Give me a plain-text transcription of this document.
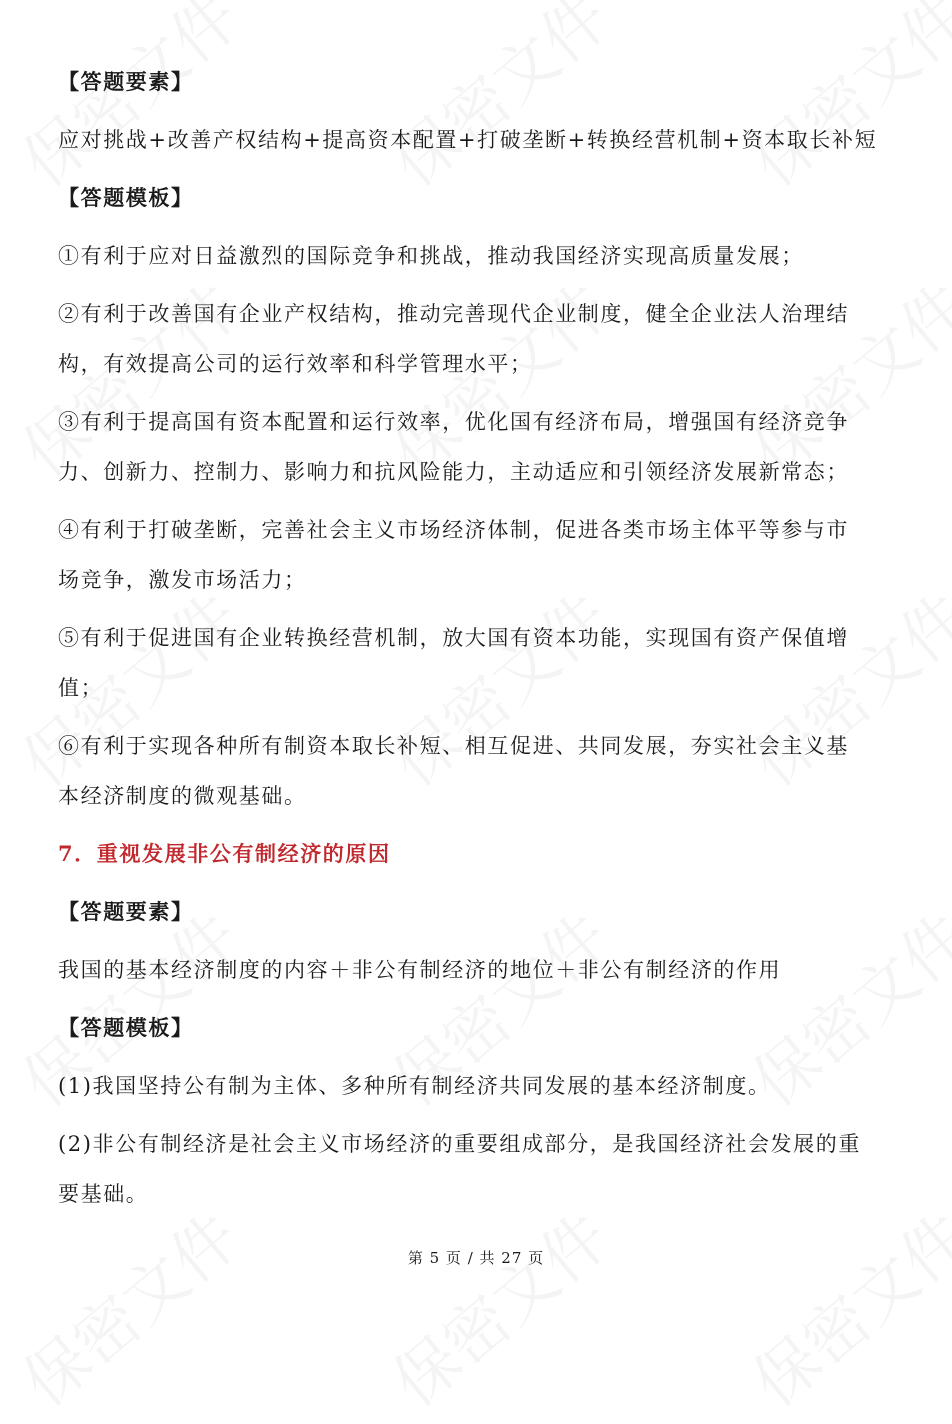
【答题要素】
应对挑战+改善产权结构+提高资本配置+打破垄断+转换经营机制+资本取长补短
【答题模板】
①有利于应对日益激烈的国际竞争和挑战，推动我国经济实现高质量发展；
②有利于改善国有企业产权结构，推动完善现代企业制度，健全企业法人治理结
构，有效提高公司的运行效率和科学管理水平；
③有利于提高国有资本配置和运行效率，优化国有经济布局，增强国有经济竞争
力、创新力、控制力、影响力和抗风险能力，主动适应和引领经济发展新常态；
④有利于打破垄断，完善社会主义市场经济体制，促进各类市场主体平等参与市
场竞争，激发市场活力；
⑤有利于促进国有企业转换经营机制，放大国有资本功能，实现国有资产保值增
值；
⑥有利于实现各种所有制资本取长补短、相互促进、共同发展，夯实社会主义基
本经济制度的微观基础。
7．重视发展非公有制经济的原因
【答题要素】
我国的基本经济制度的内容＋非公有制经济的地位＋非公有制经济的作用
【答题模板】
(1)我国坚持公有制为主体、多种所有制经济共同发展的基本经济制度。
(2)非公有制经济是社会主义市场经济的重要组成部分，是我国经济社会发展的重
要基础。
第 5 页 / 共 27 页
